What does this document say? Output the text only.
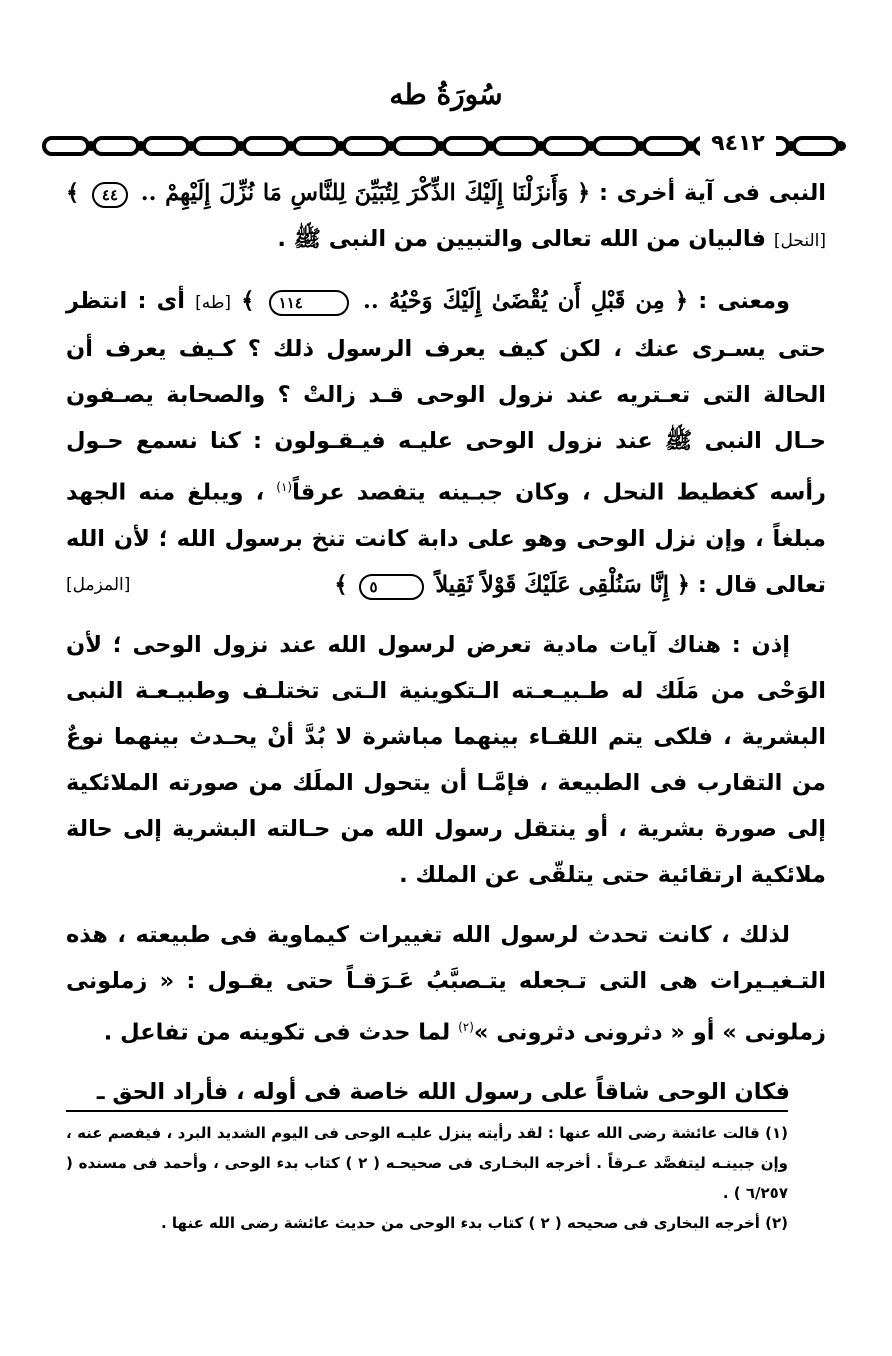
سُورَةُ طه
٩٤١٢

النبى فى آية أخرى : ﴿ وَأَنزَلْنَا إِلَيْكَ الذِّكْرَ لِتُبَيِّنَ لِلنَّاسِ مَا نُزِّلَ إِلَيْهِمْ .. ٤٤ ﴾ [النحل] فالبيان من الله تعالى والتبيين من النبى ﷺ .

ومعنى : ﴿ مِن قَبْلِ أَن يُقْضَىٰ إِلَيْكَ وَحْيُهُ .. ١١٤ ﴾ [طه] أى : انتظر حتى يسـرى عنك ، لكن كيف يعرف الرسول ذلك ؟ كـيف يعرف أن الحالة التى تعـتريه عند نزول الوحى قـد زالتْ ؟ والصحابة يصـفون حـال النبى ﷺ عند نزول الوحى عليـه فيـقـولون : كنا نسمع حـول رأسه كغطيط النحل ، وكان جبـينه يتفصد عرقاً$^{(١)}$ ، ويبلغ منه الجهد مبلغاً ، وإن نزل الوحى وهو على دابة كانت تنخ برسول الله ؛ لأن الله تعالى قال : ﴿ إِنَّا سَنُلْقِى عَلَيْكَ قَوْلاً ثَقِيلاً ٥ ﴾
[المزمل]

إذن : هناك آيات مادية تعرض لرسول الله عند نزول الوحى ؛ لأن الوَحْى من مَلَك له طـبيـعـته الـتكوينية الـتى تختلـف وطبيـعـة النبى البشرية ، فلكى يتم اللقـاء بينهما مباشرة لا بُدَّ أنْ يحـدث بينهما نوعٌ من التقارب فى الطبيعة ، فإمَّـا أن يتحول الملَك من صورته الملائكية إلى صورة بشرية ، أو ينتقل رسول الله من حـالته البشرية إلى حالة ملائكية ارتقائية حتى يتلقّى عن الملك .

لذلك ، كانت تحدث لرسول الله تغييرات كيماوية فى طبيعته ، هذه التـغيـيرات هى التى تـجعله يتـصبَّبُ عَـرَقـاً حتى يقـول : « زملونى زملونى » أو « دثرونى دثرونى »$^{(٢)}$ لما حدث فى تكوينه من تفاعل .

فكان الوحى شاقاً على رسول الله خاصة فى أوله ، فأراد الحق ـ

(١) قالت عائشة رضى الله عنها : لقد رأيته ينزل عليـه الوحى فى اليوم الشديد البرد ، فيفصم عنه ، وإن جبينـه ليتفصَّد عـرقاً . أخرجه البخـارى فى صحيحـه ( ٢ ) كتاب بدء الوحى ، وأحمد فى مسنده ( ٦/٢٥٧ ) .

(٢) أخرجه البخارى فى صحيحه ( ٢ ) كتاب بدء الوحى من حديث عائشة رضى الله عنها .
